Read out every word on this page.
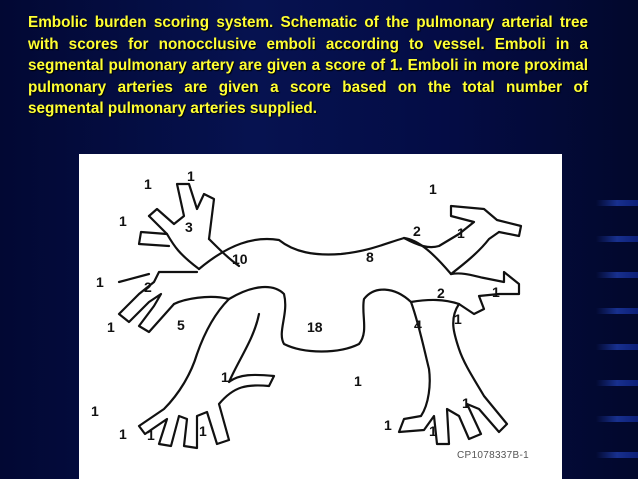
Embolic burden scoring system. Schematic of the pulmonary arterial tree with scores for nonocclusive emboli according to vessel. Emboli in a segmental pulmonary artery are given a score of 1. Emboli in more proximal pulmonary arteries are given a score based on the total number of segmental pulmonary arteries supplied.

18
10	8
3
2
5
2
2
4
1	1
1
1
1
1
1
1 1	1
1
1
1
1
1
1	1
1
CP1078337B-1
